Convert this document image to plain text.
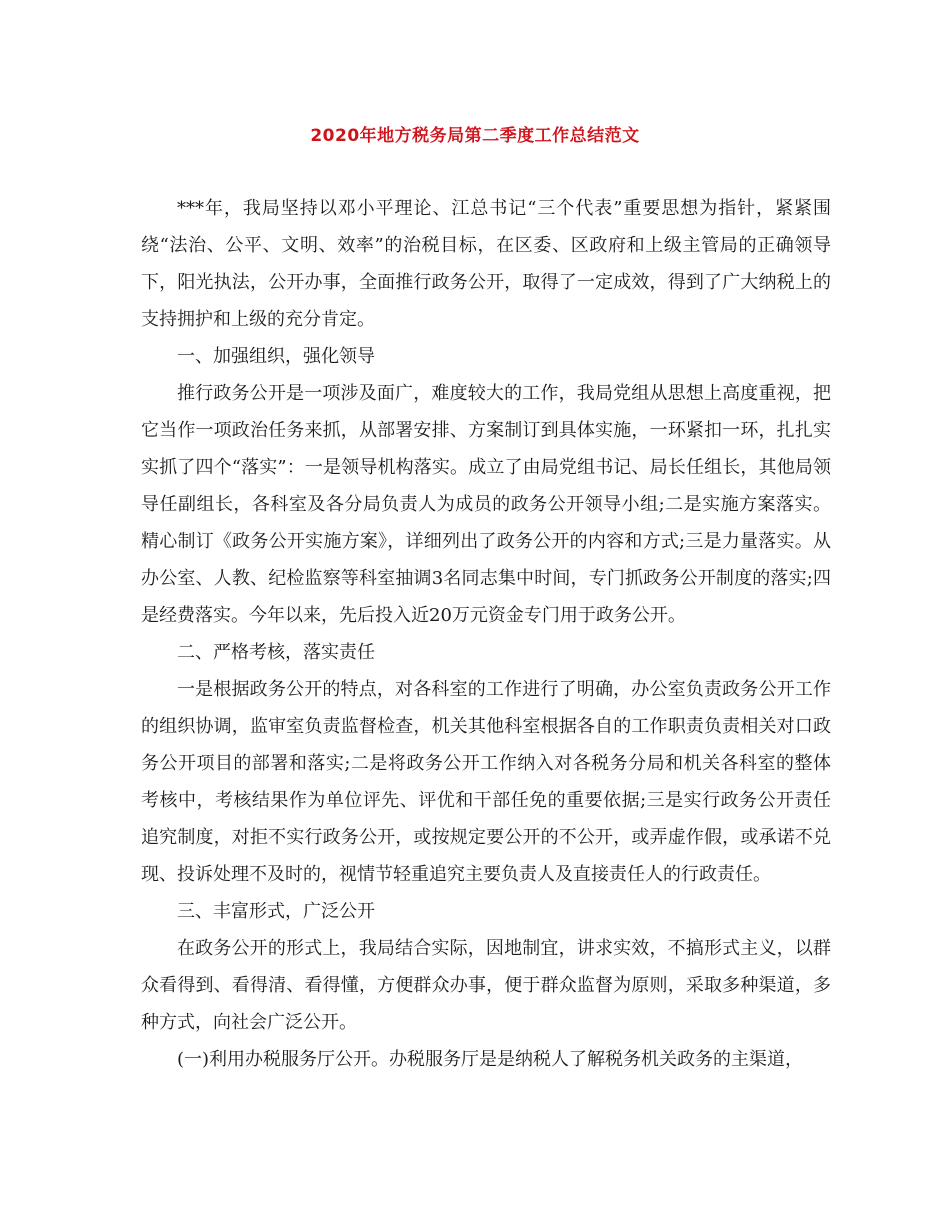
2020年地方税务局第二季度工作总结范文

***年，我局坚持以邓小平理论、江总书记“三个代表”重要思想为指针，紧紧围绕“法治、公平、文明、效率”的治税目标，在区委、区政府和上级主管局的正确领导下，阳光执法，公开办事，全面推行政务公开，取得了一定成效，得到了广大纳税上的支持拥护和上级的充分肯定。

一、加强组织，强化领导

推行政务公开是一项涉及面广，难度较大的工作，我局党组从思想上高度重视，把它当作一项政治任务来抓，从部署安排、方案制订到具体实施，一环紧扣一环，扎扎实实抓了四个“落实”：一是领导机构落实。成立了由局党组书记、局长任组长，其他局领导任副组长，各科室及各分局负责人为成员的政务公开领导小组;二是实施方案落实。精心制订《政务公开实施方案》，详细列出了政务公开的内容和方式;三是力量落实。从办公室、人教、纪检监察等科室抽调3名同志集中时间，专门抓政务公开制度的落实;四是经费落实。今年以来，先后投入近20万元资金专门用于政务公开。

二、严格考核，落实责任

一是根据政务公开的特点，对各科室的工作进行了明确，办公室负责政务公开工作的组织协调，监审室负责监督检查，机关其他科室根据各自的工作职责负责相关对口政务公开项目的部署和落实;二是将政务公开工作纳入对各税务分局和机关各科室的整体考核中，考核结果作为单位评先、评优和干部任免的重要依据;三是实行政务公开责任追究制度，对拒不实行政务公开，或按规定要公开的不公开，或弄虚作假，或承诺不兑现、投诉处理不及时的，视情节轻重追究主要负责人及直接责任人的行政责任。

三、丰富形式，广泛公开

在政务公开的形式上，我局结合实际，因地制宜，讲求实效，不搞形式主义，以群众看得到、看得清、看得懂，方便群众办事，便于群众监督为原则，采取多种渠道，多种方式，向社会广泛公开。

(一)利用办税服务厅公开。办税服务厅是是纳税人了解税务机关政务的主渠道，
